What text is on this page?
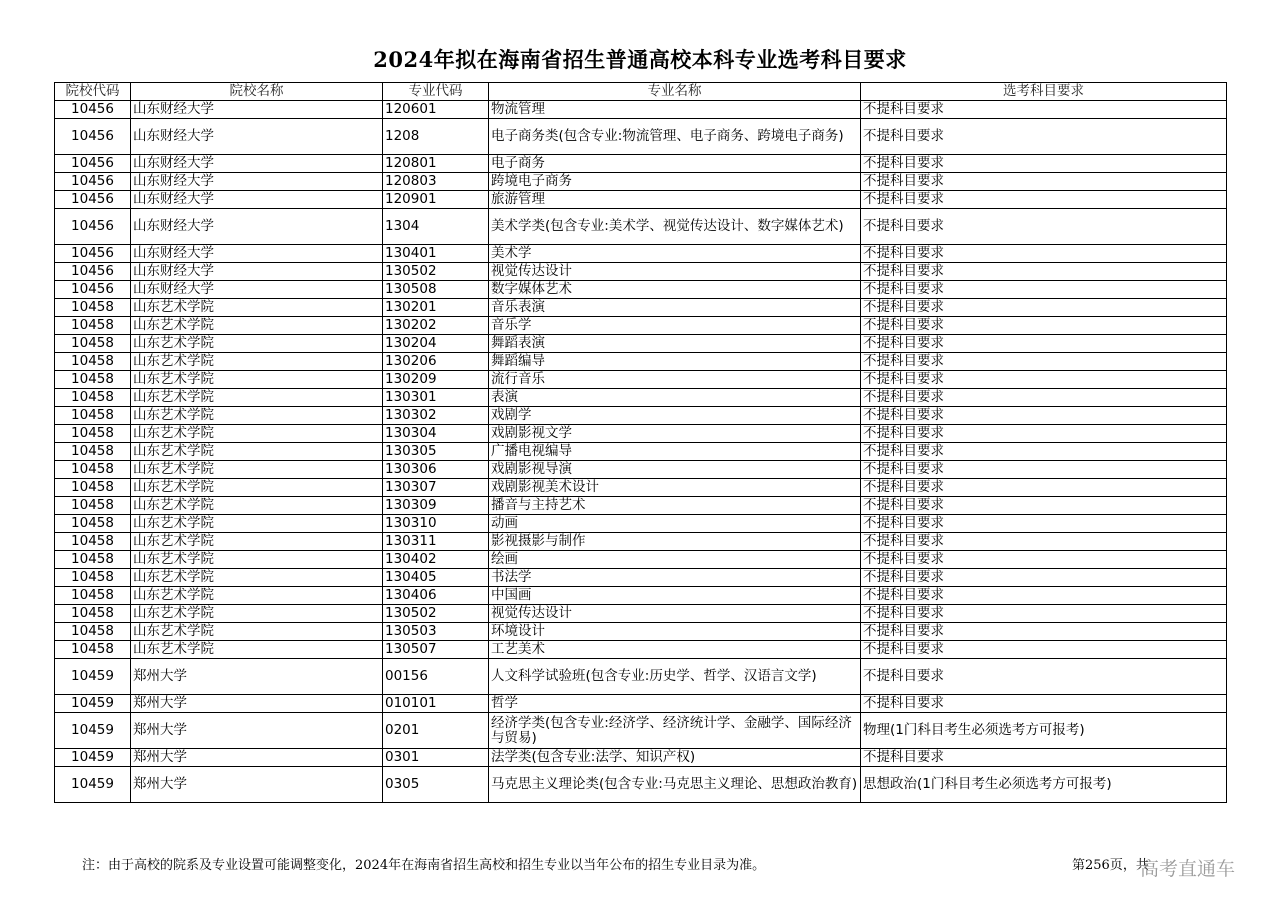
2024年拟在海南省招生普通高校本科专业选考科目要求
院校代码	院校名称	专业代码	专业名称	选考科目要求
10456	山东财经大学	120601	物流管理	不提科目要求
10456	山东财经大学	1208	电子商务类(包含专业:物流管理、电子商务、跨境电子商务)	不提科目要求
10456	山东财经大学	120801	电子商务	不提科目要求
10456	山东财经大学	120803	跨境电子商务	不提科目要求
10456	山东财经大学	120901	旅游管理	不提科目要求
10456	山东财经大学	1304	美术学类(包含专业:美术学、视觉传达设计、数字媒体艺术)	不提科目要求
10456	山东财经大学	130401	美术学	不提科目要求
10456	山东财经大学	130502	视觉传达设计	不提科目要求
10456	山东财经大学	130508	数字媒体艺术	不提科目要求
10458	山东艺术学院	130201	音乐表演	不提科目要求
10458	山东艺术学院	130202	音乐学	不提科目要求
10458	山东艺术学院	130204	舞蹈表演	不提科目要求
10458	山东艺术学院	130206	舞蹈编导	不提科目要求
10458	山东艺术学院	130209	流行音乐	不提科目要求
10458	山东艺术学院	130301	表演	不提科目要求
10458	山东艺术学院	130302	戏剧学	不提科目要求
10458	山东艺术学院	130304	戏剧影视文学	不提科目要求
10458	山东艺术学院	130305	广播电视编导	不提科目要求
10458	山东艺术学院	130306	戏剧影视导演	不提科目要求
10458	山东艺术学院	130307	戏剧影视美术设计	不提科目要求
10458	山东艺术学院	130309	播音与主持艺术	不提科目要求
10458	山东艺术学院	130310	动画	不提科目要求
10458	山东艺术学院	130311	影视摄影与制作	不提科目要求
10458	山东艺术学院	130402	绘画	不提科目要求
10458	山东艺术学院	130405	书法学	不提科目要求
10458	山东艺术学院	130406	中国画	不提科目要求
10458	山东艺术学院	130502	视觉传达设计	不提科目要求
10458	山东艺术学院	130503	环境设计	不提科目要求
10458	山东艺术学院	130507	工艺美术	不提科目要求
10459	郑州大学	00156	人文科学试验班(包含专业:历史学、哲学、汉语言文学)	不提科目要求
10459	郑州大学	010101	哲学	不提科目要求
10459	郑州大学	0201	经济学类(包含专业:经济学、经济统计学、金融学、国际经济与贸易)	物理(1门科目考生必须选考方可报考)
10459	郑州大学	0301	法学类(包含专业:法学、知识产权)	不提科目要求
10459	郑州大学	0305	马克思主义理论类(包含专业:马克思主义理论、思想政治教育)	思想政治(1门科目考生必须选考方可报考)
注：由于高校的院系及专业设置可能调整变化，2024年在海南省招生高校和招生专业以当年公布的招生专业目录为准。	第256页，共
高考直通车
